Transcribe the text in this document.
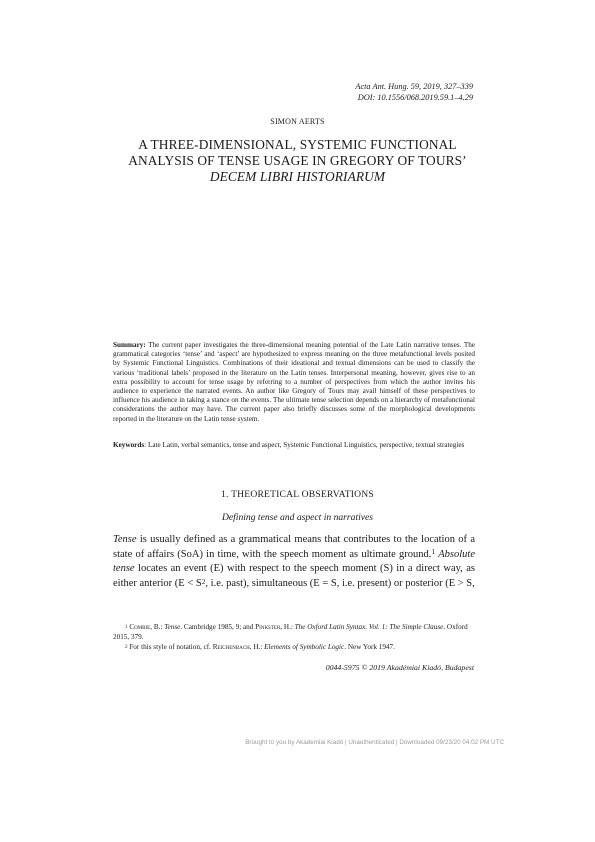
Acta Ant. Hung. 59, 2019, 327–339
DOI: 10.1556/068.2019.59.1–4.29
SIMON AERTS
A THREE-DIMENSIONAL, SYSTEMIC FUNCTIONAL
ANALYSIS OF TENSE USAGE IN GREGORY OF TOURS’
DECEM LIBRI HISTORIARUM
Summary: The current paper investigates the three-dimensional meaning potential of the Late Latin narrative tenses. The grammatical categories ‘tense’ and ‘aspect’ are hypothesized to express meaning on the three metafunctional levels posited by Systemic Functional Linguistics. Combinations of their ideational and textual dimensions can be used to classify the various ‘traditional labels’ proposed in the literature on the Latin tenses. Interpersonal meaning, however, gives rise to an extra possibility to account for tense usage by referring to a number of perspectives from which the author invites his audience to experience the narrated events. An author like Gregory of Tours may avail himself of these perspectives to influence his audience in taking a stance on the events. The ultimate tense selection depends on a hierarchy of metafunctional considerations the author may have. The current paper also briefly discusses some of the morphological developments reported in the literature on the Latin tense system.
Keywords: Late Latin, verbal semantics, tense and aspect, Systemic Functional Linguistics, perspective, textual strategies
1. THEORETICAL OBSERVATIONS
Defining tense and aspect in narratives
Tense is usually defined as a grammatical means that contributes to the location of a state of affairs (SoA) in time, with the speech moment as ultimate ground.$^1$ Absolute tense locates an event (E) with respect to the speech moment (S) in a direct way, as either anterior ($E < S^2$, i.e. past), simultaneous (E = S, i.e. present) or posterior (E > S,
$^1$ Comrie, B.: Tense. Cambridge 1985, 9; and Pinkster, H.: The Oxford Latin Syntax. Vol. 1: The Simple Clause. Oxford 2015, 379.
$^2$ For this style of notation, cf. Reichenbach, H.: Elements of Symbolic Logic. New York 1947.
0044-5975 © 2019 Akadémiai Kiadó, Budapest
Brought to you by Akademiai Kiadó | Unauthenticated | Downloaded 09/23/20 04:02 PM UTC
